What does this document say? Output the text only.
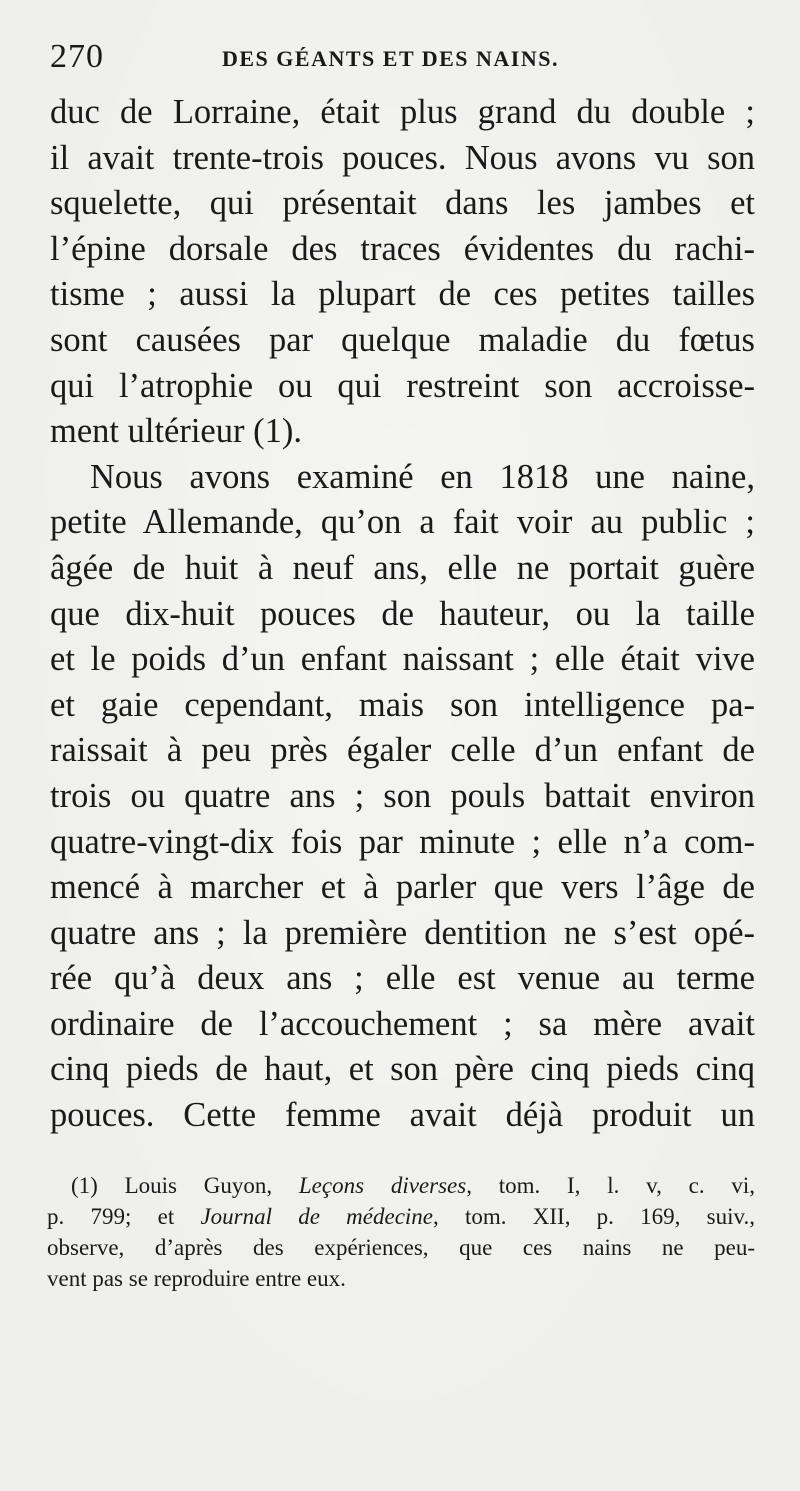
270	DES GÉANTS ET DES NAINS.
duc de Lorraine, était plus grand du double ;
il avait trente-trois pouces. Nous avons vu son
squelette, qui présentait dans les jambes et
l’épine dorsale des traces évidentes du rachi-
tisme ; aussi la plupart de ces petites tailles
sont causées par quelque maladie du fœtus
qui l’atrophie ou qui restreint son accroisse-
ment ultérieur (1).
Nous avons examiné en 1818 une naine,
petite Allemande, qu’on a fait voir au public ;
âgée de huit à neuf ans, elle ne portait guère
que dix-huit pouces de hauteur, ou la taille
et le poids d’un enfant naissant ; elle était vive
et gaie cependant, mais son intelligence pa-
raissait à peu près égaler celle d’un enfant de
trois ou quatre ans ; son pouls battait environ
quatre-vingt-dix fois par minute ; elle n’a com-
mencé à marcher et à parler que vers l’âge de
quatre ans ; la première dentition ne s’est opé-
rée qu’à deux ans ; elle est venue au terme
ordinaire de l’accouchement ; sa mère avait
cinq pieds de haut, et son père cinq pieds cinq
pouces. Cette femme avait déjà produit un
(1) Louis Guyon, Leçons diverses, tom. I, l. v, c. vi,
p. 799; et Journal de médecine, tom. XII, p. 169, suiv.,
observe, d’après des expériences, que ces nains ne peu-
vent pas se reproduire entre eux.
